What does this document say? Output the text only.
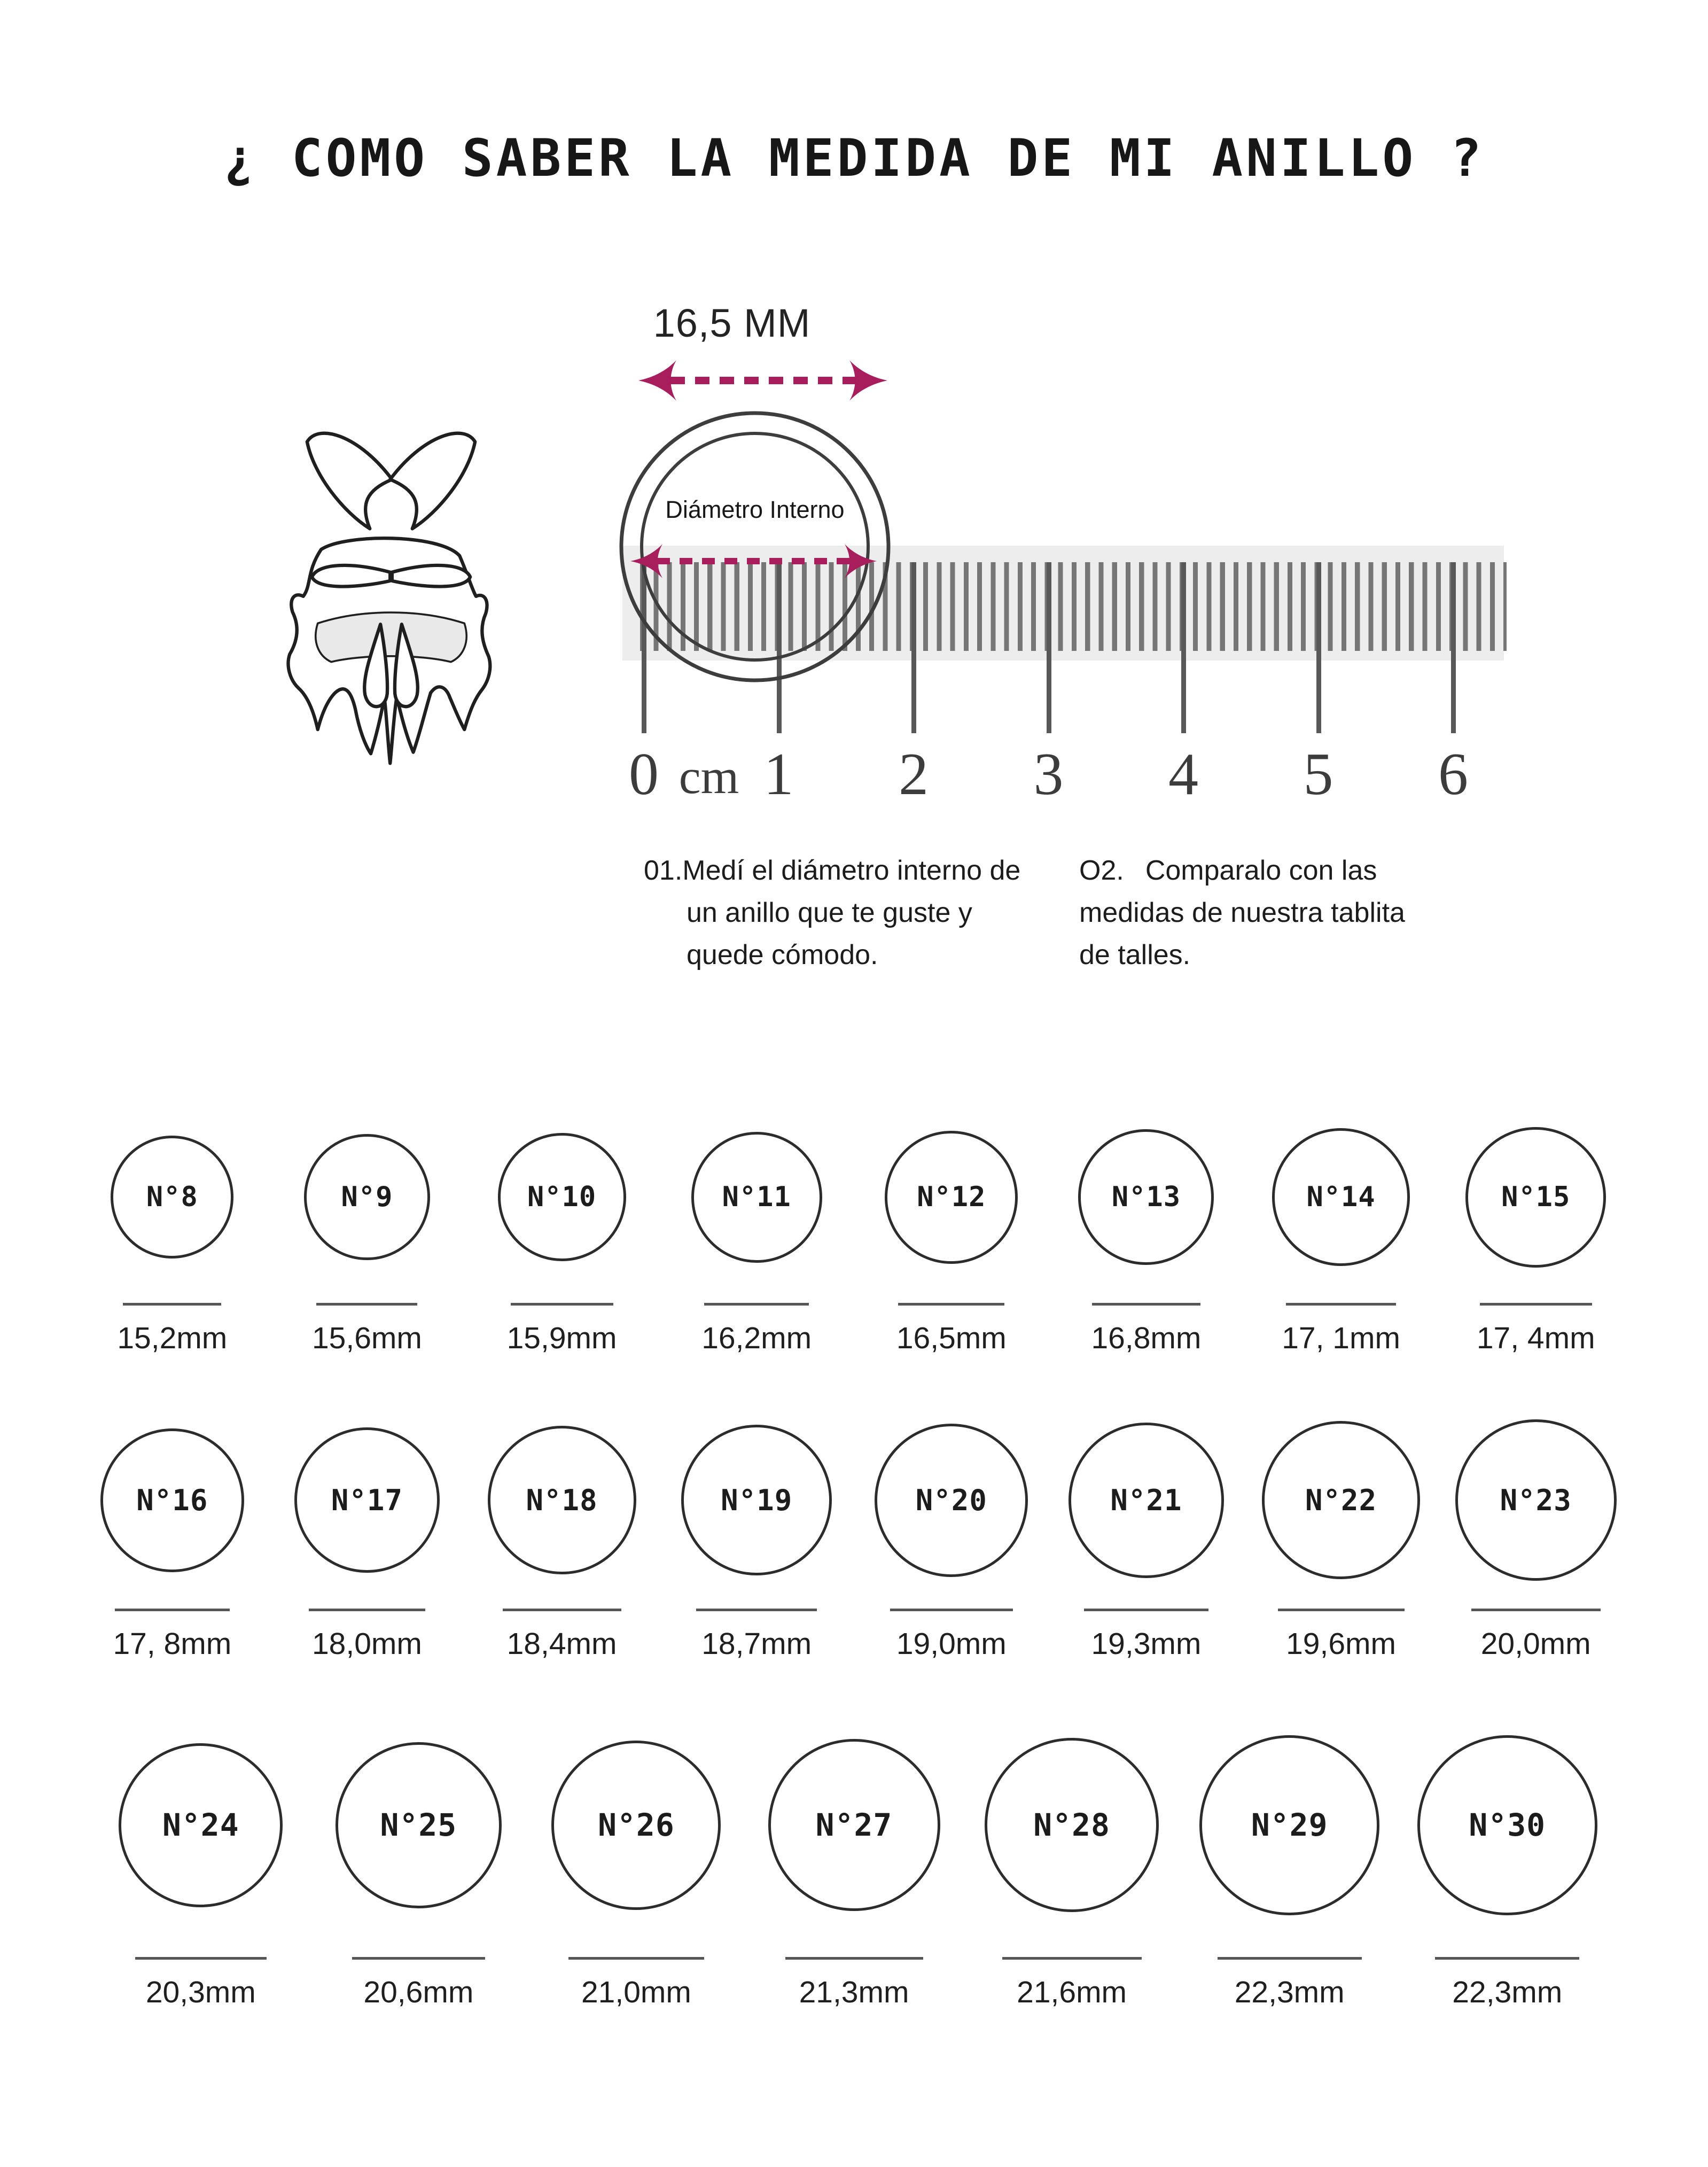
¿ COMO SABER LA MEDIDA DE MI ANILLO ?
16,5 MM
0 1 2 3 4 5 6
cm
Diámetro Interno
01.Medí el diámetro interno de un anillo que te guste y quede cómodo.
O2. Comparalo con las medidas de nuestra tablita de talles.
N°8
15,2mm
N°9
15,6mm
N°10
15,9mm
N°11
16,2mm
N°12
16,5mm
N°13
16,8mm
N°14
17, 1mm
N°15
17, 4mm
N°16
17, 8mm
N°17
18,0mm
N°18
18,4mm
N°19
18,7mm
N°20
19,0mm
N°21
19,3mm
N°22
19,6mm
N°23
20,0mm
N°24
20,3mm
N°25
20,6mm
N°26
21,0mm
N°27
21,3mm
N°28
21,6mm
N°29
22,3mm
N°30
22,3mm
